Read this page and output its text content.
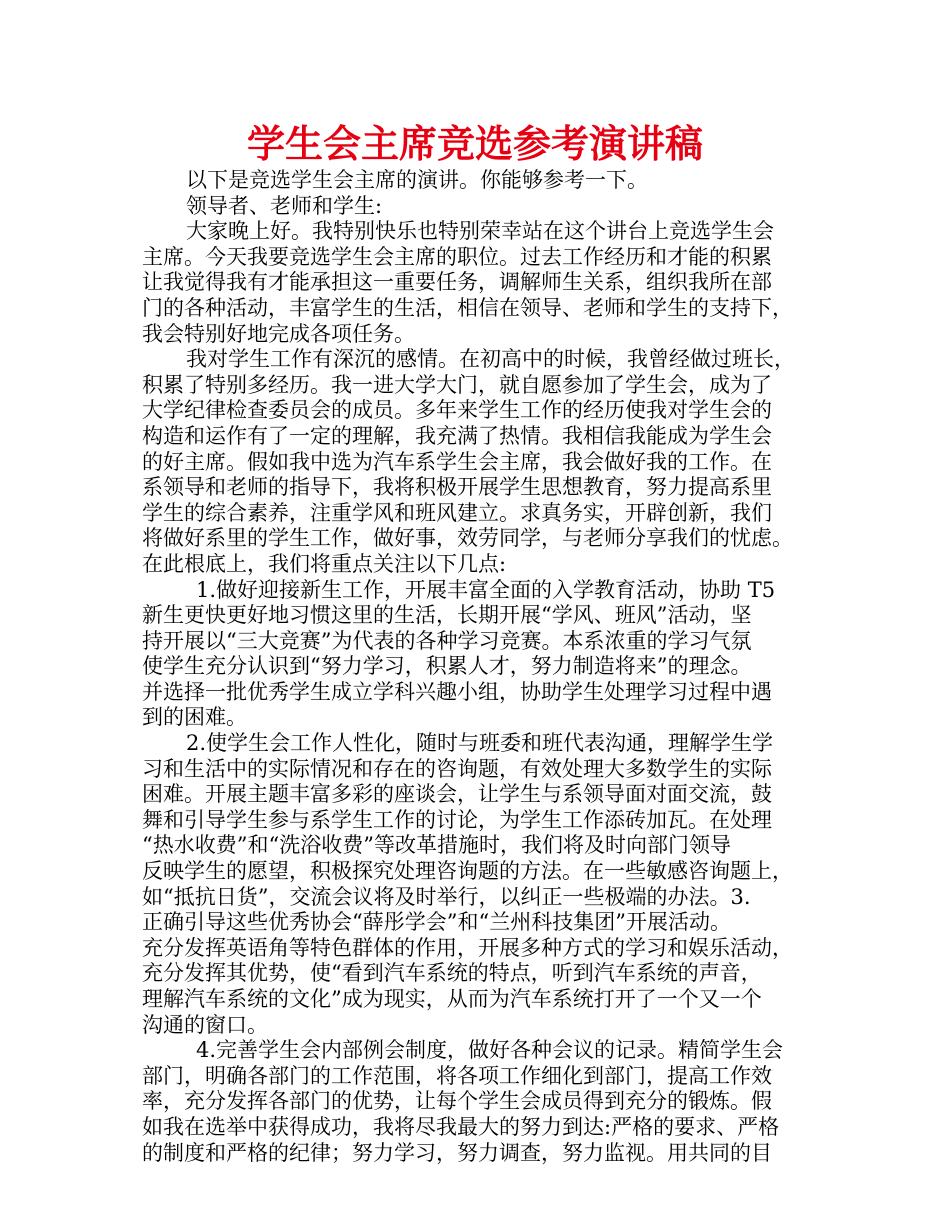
学生会主席竞选参考演讲稿
以下是竞选学生会主席的演讲。你能够参考一下。
领导者、老师和学生:
大家晚上好。我特别快乐也特别荣幸站在这个讲台上竞选学生会
主席。今天我要竞选学生会主席的职位。过去工作经历和才能的积累
让我觉得我有才能承担这一重要任务，调解师生关系，组织我所在部
门的各种活动，丰富学生的生活，相信在领导、老师和学生的支持下，
我会特别好地完成各项任务。
我对学生工作有深沉的感情。在初高中的时候，我曾经做过班长，
积累了特别多经历。我一进大学大门，就自愿参加了学生会，成为了
大学纪律检查委员会的成员。多年来学生工作的经历使我对学生会的
构造和运作有了一定的理解，我充满了热情。我相信我能成为学生会
的好主席。假如我中选为汽车系学生会主席，我会做好我的工作。在
系领导和老师的指导下，我将积极开展学生思想教育，努力提高系里
学生的综合素养，注重学风和班风建立。求真务实，开辟创新，我们
将做好系里的学生工作，做好事，效劳同学，与老师分享我们的忧虑。
在此根底上，我们将重点关注以下几点:
1.做好迎接新生工作，开展丰富全面的入学教育活动，协助 T5
新生更快更好地习惯这里的生活，长期开展“学风、班风”活动，坚
持开展以“三大竞赛”为代表的各种学习竞赛。本系浓重的学习气氛
使学生充分认识到“努力学习，积累人才，努力制造将来”的理念。
并选择一批优秀学生成立学科兴趣小组，协助学生处理学习过程中遇
到的困难。
2.使学生会工作人性化，随时与班委和班代表沟通，理解学生学
习和生活中的实际情况和存在的咨询题，有效处理大多数学生的实际
困难。开展主题丰富多彩的座谈会，让学生与系领导面对面交流，鼓
舞和引导学生参与系学生工作的讨论，为学生工作添砖加瓦。在处理
“热水收费”和“洗浴收费”等改革措施时，我们将及时向部门领导
反映学生的愿望，积极探究处理咨询题的方法。在一些敏感咨询题上，
如“抵抗日货”，交流会议将及时举行，以纠正一些极端的办法。3.
正确引导这些优秀协会“薛彤学会”和“兰州科技集团”开展活动。
充分发挥英语角等特色群体的作用，开展多种方式的学习和娱乐活动，
充分发挥其优势，使“看到汽车系统的特点，听到汽车系统的声音，
理解汽车系统的文化”成为现实，从而为汽车系统打开了一个又一个
沟通的窗口。
4.完善学生会内部例会制度，做好各种会议的记录。精简学生会
部门，明确各部门的工作范围，将各项工作细化到部门，提高工作效
率，充分发挥各部门的优势，让每个学生会成员得到充分的锻炼。假
如我在选举中获得成功，我将尽我最大的努力到达:严格的要求、严格
的制度和严格的纪律；努力学习，努力调查，努力监视。用共同的目
